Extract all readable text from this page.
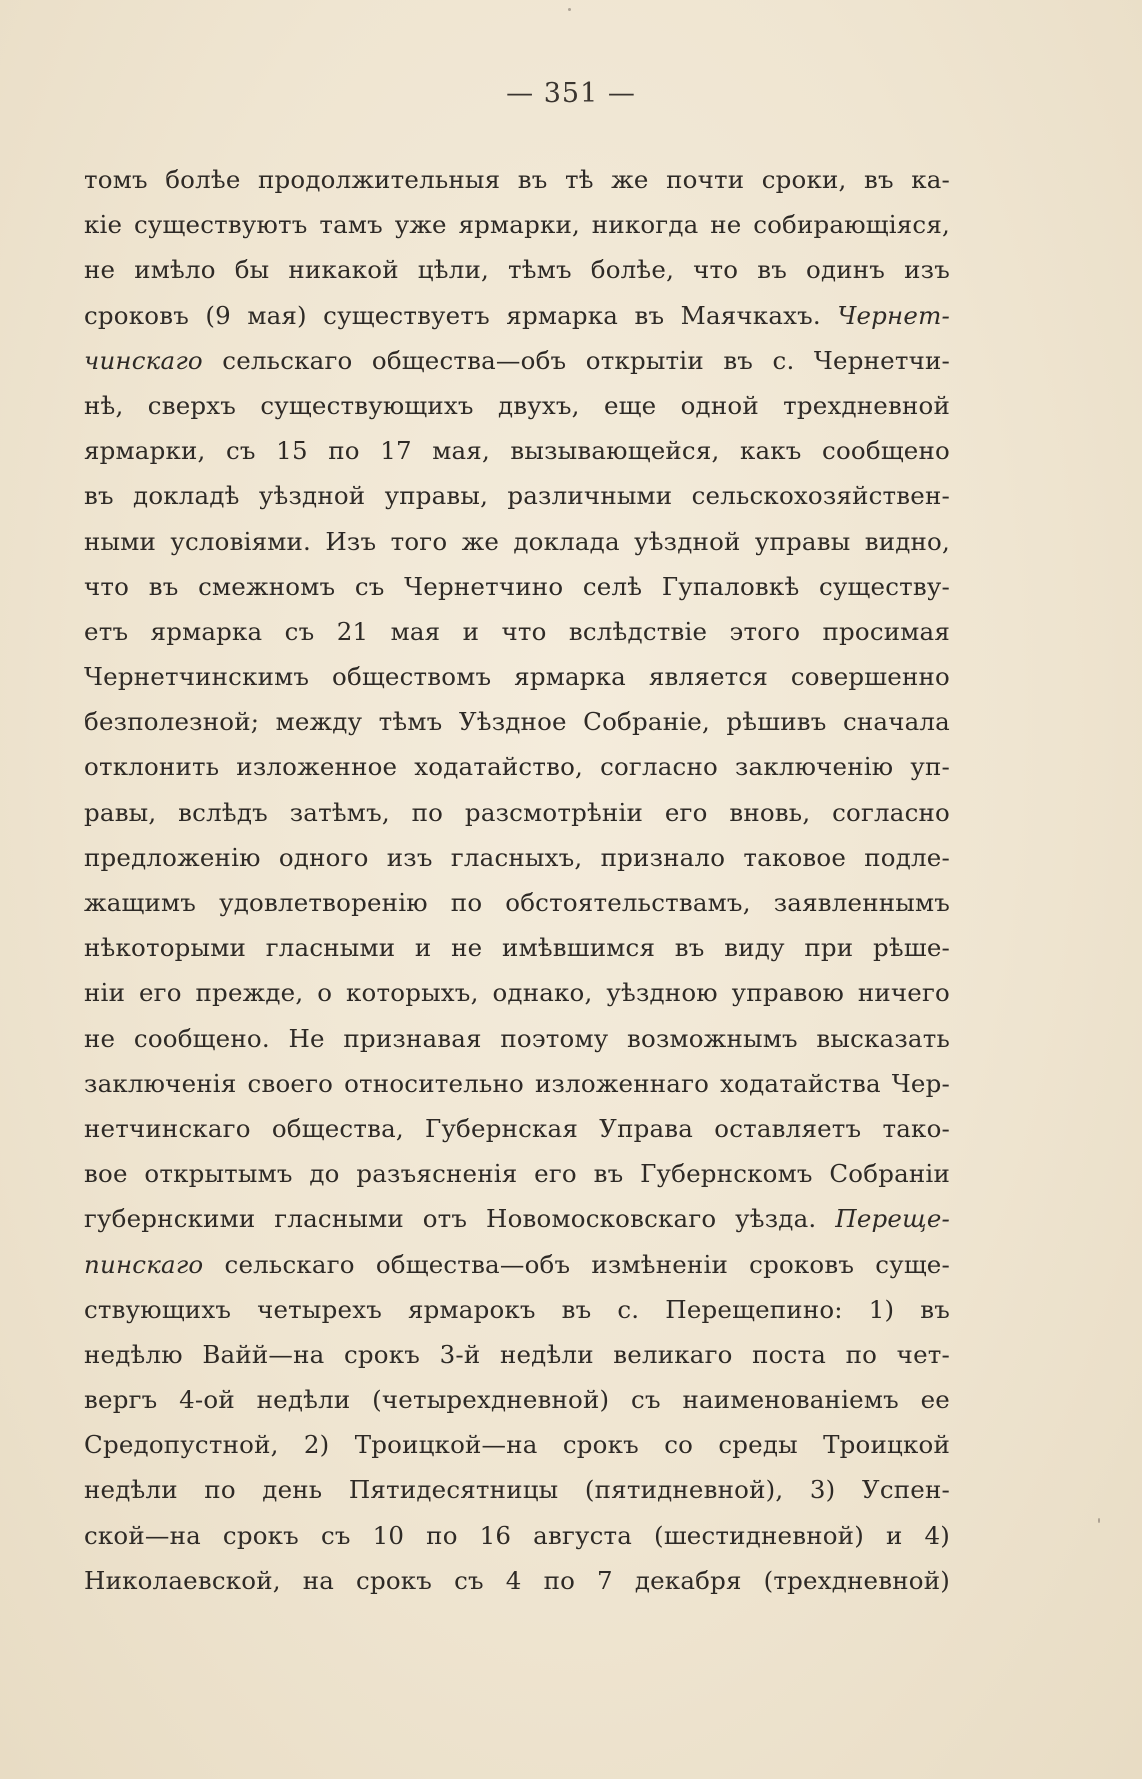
— 351 —
томъ болѣе продолжительныя въ тѣ же почти сроки, въ ка-
кіе существуютъ тамъ уже ярмарки, никогда не собирающіяся,
не имѣло бы никакой цѣли, тѣмъ болѣе, что въ одинъ изъ
сроковъ (9 мая) существуетъ ярмарка въ Маячкахъ. Чернет-
чинскаго сельскаго общества—объ открытіи въ с. Чернетчи-
нѣ, сверхъ существующихъ двухъ, еще одной трехдневной
ярмарки, съ 15 по 17 мая, вызывающейся, какъ сообщено
въ докладѣ уѣздной управы, различными сельскохозяйствен-
ными условіями. Изъ того же доклада уѣздной управы видно,
что въ смежномъ съ Чернетчино селѣ Гупаловкѣ существу-
етъ ярмарка съ 21 мая и что вслѣдствіе этого просимая
Чернетчинскимъ обществомъ ярмарка является совершенно
безполезной; между тѣмъ Уѣздное Собраніе, рѣшивъ сначала
отклонить изложенное ходатайство, согласно заключенію уп-
равы, вслѣдъ затѣмъ, по разсмотрѣніи его вновь, согласно
предложенію одного изъ гласныхъ, признало таковое подле-
жащимъ удовлетворенію по обстоятельствамъ, заявленнымъ
нѣкоторыми гласными и не имѣвшимся въ виду при рѣше-
ніи его прежде, о которыхъ, однако, уѣздною управою ничего
не сообщено. Не признавая поэтому возможнымъ высказать
заключенія своего относительно изложеннаго ходатайства Чер-
нетчинскаго общества, Губернская Управа оставляетъ тако-
вое открытымъ до разъясненія его въ Губернскомъ Собраніи
губернскими гласными отъ Новомосковскаго уѣзда. Перещe-
пинскаго сельскаго общества—объ измѣненіи сроковъ суще-
ствующихъ четырехъ ярмарокъ въ с. Перещепино: 1) въ
недѣлю Вайй—на срокъ 3-й недѣли великаго поста по чет-
вергъ 4-ой недѣли (четырехдневной) съ наименованіемъ ее
Средопустной, 2) Троицкой—на срокъ со среды Троицкой
недѣли по день Пятидесятницы (пятидневной), 3) Успен-
ской—на срокъ съ 10 по 16 августа (шестидневной) и 4)
Николаевской, на срокъ съ 4 по 7 декабря (трехдневной)
